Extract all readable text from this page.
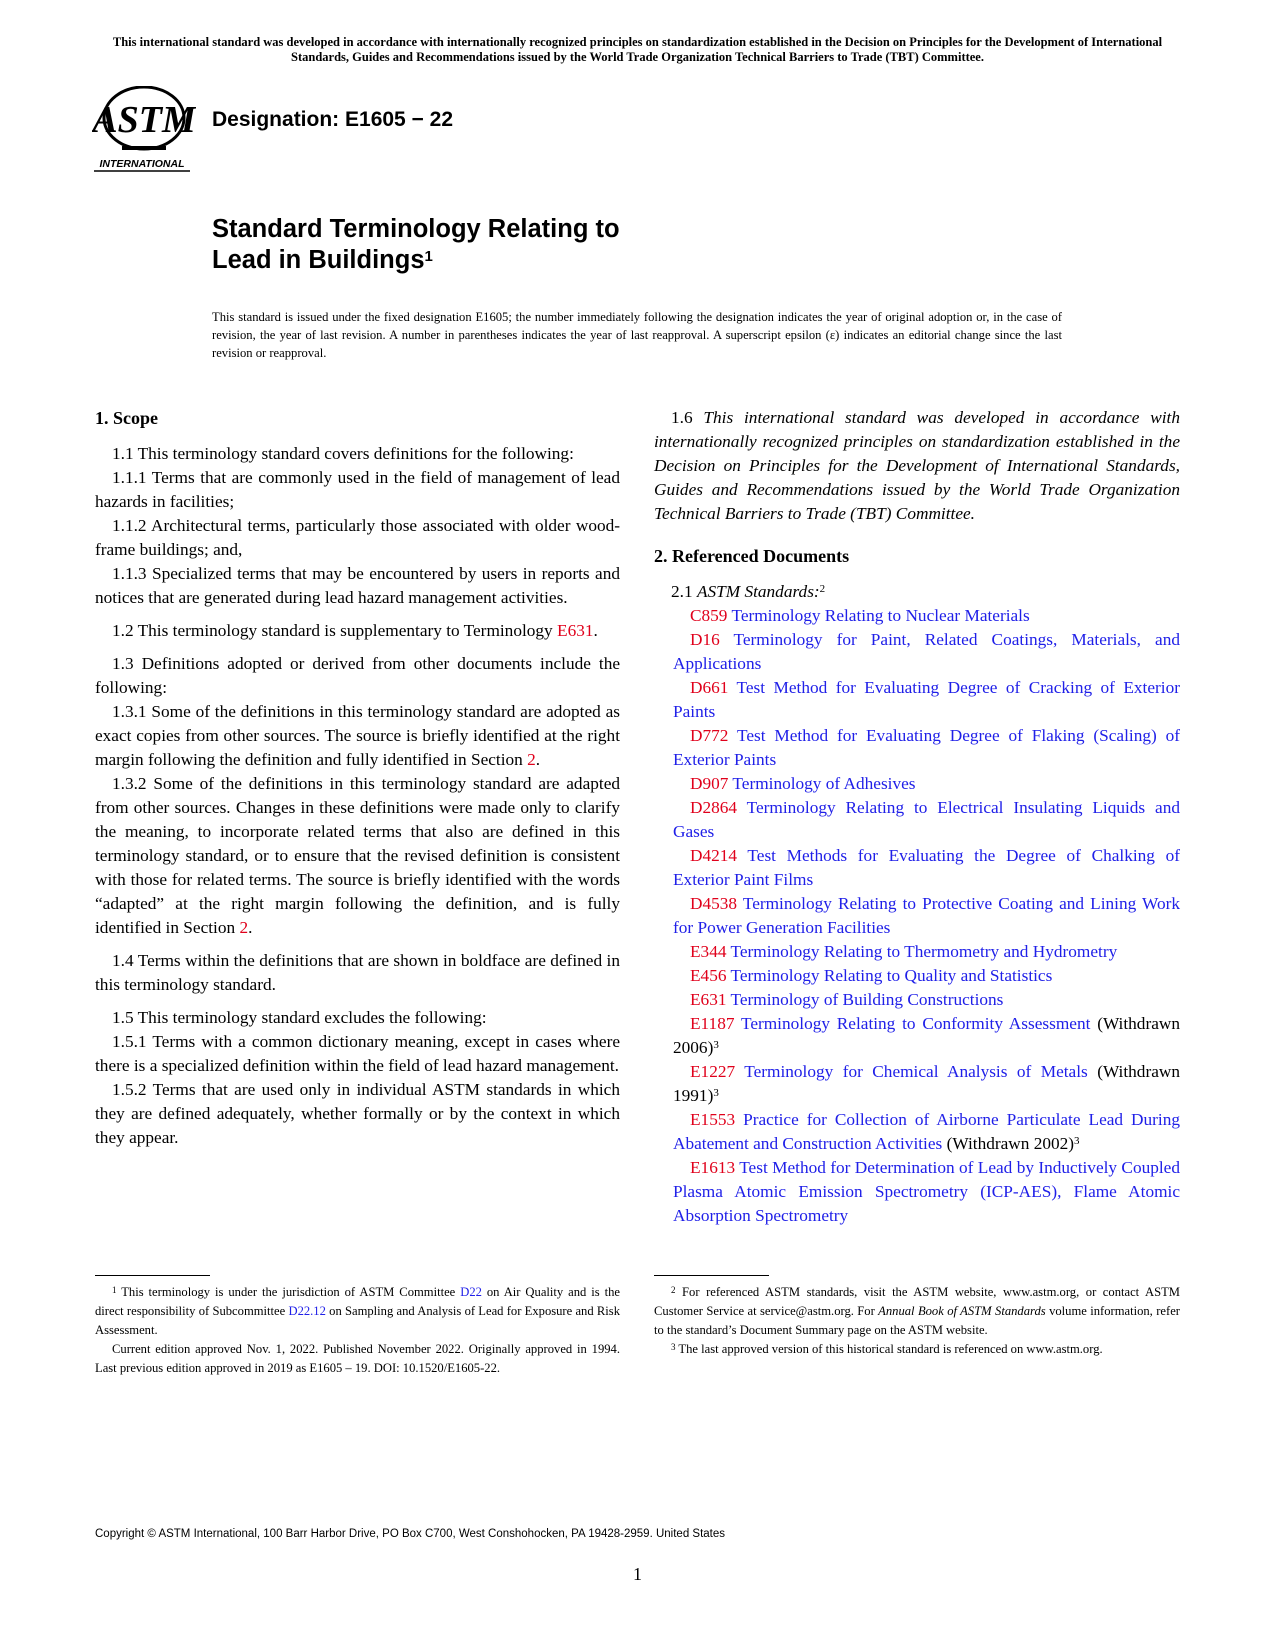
This international standard was developed in accordance with internationally recognized principles on standardization established in the Decision on Principles for the Development of International Standards, Guides and Recommendations issued by the World Trade Organization Technical Barriers to Trade (TBT) Committee.
ASTM
INTERNATIONAL
Designation: E1605 − 22
Standard Terminology Relating to
Lead in Buildings$^1$
This standard is issued under the fixed designation E1605; the number immediately following the designation indicates the year of original adoption or, in the case of revision, the year of last revision. A number in parentheses indicates the year of last reapproval. A superscript epsilon (ε) indicates an editorial change since the last revision or reapproval.
1. Scope

1.1 This terminology standard covers definitions for the following:

1.1.1 Terms that are commonly used in the field of management of lead hazards in facilities;

1.1.2 Architectural terms, particularly those associated with older wood-frame buildings; and,

1.1.3 Specialized terms that may be encountered by users in reports and notices that are generated during lead hazard management activities.

1.2 This terminology standard is supplementary to Terminology E631.

1.3 Definitions adopted or derived from other documents include the following:

1.3.1 Some of the definitions in this terminology standard are adopted as exact copies from other sources. The source is briefly identified at the right margin following the definition and fully identified in Section 2.

1.3.2 Some of the definitions in this terminology standard are adapted from other sources. Changes in these definitions were made only to clarify the meaning, to incorporate related terms that also are defined in this terminology standard, or to ensure that the revised definition is consistent with those for related terms. The source is briefly identified with the words “adapted” at the right margin following the definition, and is fully identified in Section 2.

1.4 Terms within the definitions that are shown in boldface are defined in this terminology standard.

1.5 This terminology standard excludes the following:

1.5.1 Terms with a common dictionary meaning, except in cases where there is a specialized definition within the field of lead hazard management.

1.5.2 Terms that are used only in individual ASTM standards in which they are defined adequately, whether formally or by the context in which they appear.

1.6 This international standard was developed in accordance with internationally recognized principles on standardization established in the Decision on Principles for the Development of International Standards, Guides and Recommendations issued by the World Trade Organization Technical Barriers to Trade (TBT) Committee.

2. Referenced Documents

2.1 ASTM Standards:$^2$

C859 Terminology Relating to Nuclear Materials

D16 Terminology for Paint, Related Coatings, Materials, and Applications

D661 Test Method for Evaluating Degree of Cracking of Exterior Paints

D772 Test Method for Evaluating Degree of Flaking (Scaling) of Exterior Paints

D907 Terminology of Adhesives

D2864 Terminology Relating to Electrical Insulating Liquids and Gases

D4214 Test Methods for Evaluating the Degree of Chalking of Exterior Paint Films

D4538 Terminology Relating to Protective Coating and Lining Work for Power Generation Facilities

E344 Terminology Relating to Thermometry and Hydrometry

E456 Terminology Relating to Quality and Statistics

E631 Terminology of Building Constructions

E1187 Terminology Relating to Conformity Assessment (Withdrawn 2006)$^3$

E1227 Terminology for Chemical Analysis of Metals (Withdrawn 1991)$^3$

E1553 Practice for Collection of Airborne Particulate Lead During Abatement and Construction Activities (Withdrawn 2002)$^3$

E1613 Test Method for Determination of Lead by Inductively Coupled Plasma Atomic Emission Spectrometry (ICP-AES), Flame Atomic Absorption Spectrometry

$^1$ This terminology is under the jurisdiction of ASTM Committee D22 on Air Quality and is the direct responsibility of Subcommittee D22.12 on Sampling and Analysis of Lead for Exposure and Risk Assessment.

Current edition approved Nov. 1, 2022. Published November 2022. Originally approved in 1994. Last previous edition approved in 2019 as E1605 – 19. DOI: 10.1520/E1605-22.

$^2$ For referenced ASTM standards, visit the ASTM website, www.astm.org, or contact ASTM Customer Service at service@astm.org. For Annual Book of ASTM Standards volume information, refer to the standard’s Document Summary page on the ASTM website.

$^3$ The last approved version of this historical standard is referenced on www.astm.org.

Copyright © ASTM International, 100 Barr Harbor Drive, PO Box C700, West Conshohocken, PA 19428-2959. United States
1
